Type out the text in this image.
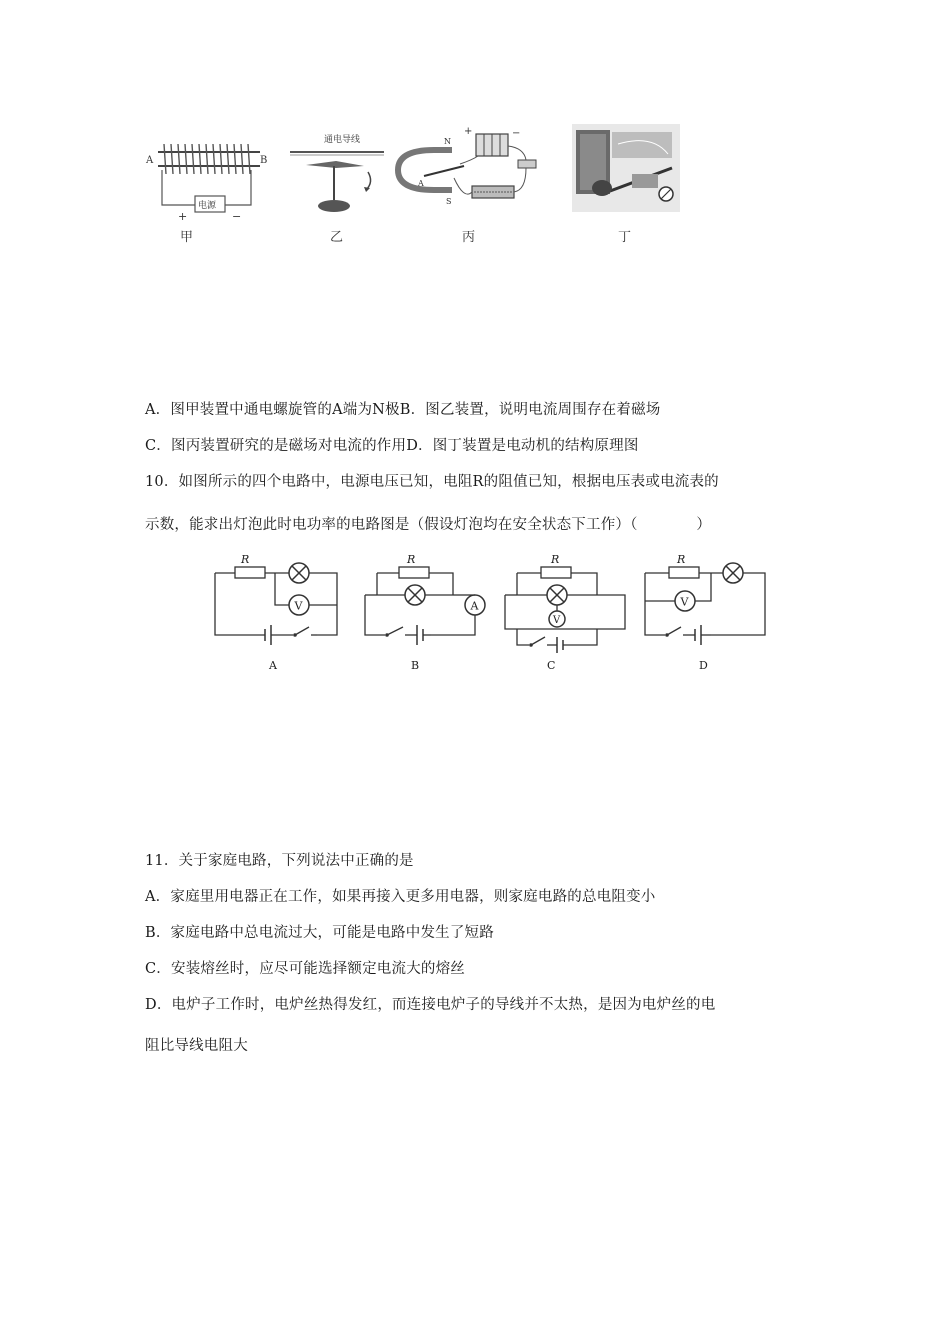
A	B
电源
+	−
甲
通电导线
乙
N
S
A
+	−
丙	丁
A．图甲装置中通电螺旋管的A端为N极B．图乙装置，说明电流周围存在着磁场
C．图丙装置研究的是磁场对电流的作用D．图丁装置是电动机的结构原理图
10．如图所示的四个电路中，电源电压已知，电阻R的阻值已知，根据电压表或电流表的
示数，能求出灯泡此时电功率的电路图是（假设灯泡均在安全状态下工作）（　　　　）
R
V
A
R
A
B
R
V
C
R
V
D
11．关于家庭电路，下列说法中正确的是
A．家庭里用电器正在工作，如果再接入更多用电器，则家庭电路的总电阻变小
B．家庭电路中总电流过大，可能是电路中发生了短路
C．安装熔丝时，应尽可能选择额定电流大的熔丝
D．电炉子工作时，电炉丝热得发红，而连接电炉子的导线并不太热，是因为电炉丝的电
阻比导线电阻大
